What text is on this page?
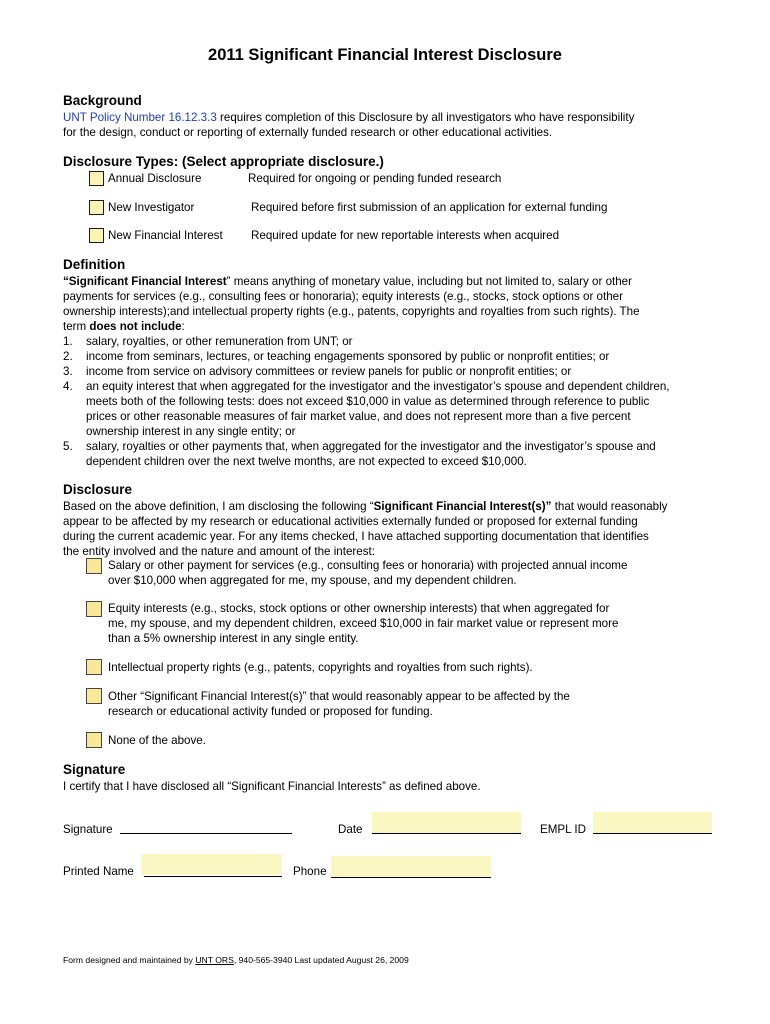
2011 Significant Financial Interest Disclosure
Background
UNT Policy Number 16.12.3.3 requires completion of this Disclosure by all investigators who have responsibility
for the design, conduct or reporting of externally funded research or other educational activities.
Disclosure Types: (Select appropriate disclosure.)
Annual Disclosure	Required for ongoing or pending funded research
New Investigator	Required before first submission of an application for external funding
New Financial Interest Required update for new reportable interests when acquired
Definition
“Significant Financial Interest” means anything of monetary value, including but not limited to, salary or other
payments for services (e.g., consulting fees or honoraria); equity interests (e.g., stocks, stock options or other
ownership interests);and intellectual property rights (e.g., patents, copyrights and royalties from such rights). The
term does not include:
1. salary, royalties, or other remuneration from UNT; or
2. income from seminars, lectures, or teaching engagements sponsored by public or nonprofit entities; or
3. income from service on advisory committees or review panels for public or nonprofit entities; or
4. an equity interest that when aggregated for the investigator and the investigator’s spouse and dependent children,
meets both of the following tests: does not exceed $10,000 in value as determined through reference to public
prices or other reasonable measures of fair market value, and does not represent more than a five percent
ownership interest in any single entity; or
5. salary, royalties or other payments that, when aggregated for the investigator and the investigator’s spouse and
dependent children over the next twelve months, are not expected to exceed $10,000.
Disclosure
Based on the above definition, I am disclosing the following “Significant Financial Interest(s)” that would reasonably
appear to be affected by my research or educational activities externally funded or proposed for external funding
during the current academic year. For any items checked, I have attached supporting documentation that identifies
the entity involved and the nature and amount of the interest:
Salary or other payment for services (e.g., consulting fees or honoraria) with projected annual income
over $10,000 when aggregated for me, my spouse, and my dependent children.
Equity interests (e.g., stocks, stock options or other ownership interests) that when aggregated for
me, my spouse, and my dependent children, exceed $10,000 in fair market value or represent more
than a 5% ownership interest in any single entity.
Intellectual property rights (e.g., patents, copyrights and royalties from such rights).
Other “Significant Financial Interest(s)” that would reasonably appear to be affected by the
research or educational activity funded or proposed for funding.
None of the above.
Signature
I certify that I have disclosed all “Significant Financial Interests” as defined above.
Signature	Date	EMPL ID
Printed Name	Phone
Form designed and maintained by UNT ORS, 940-565-3940 Last updated August 26, 2009
